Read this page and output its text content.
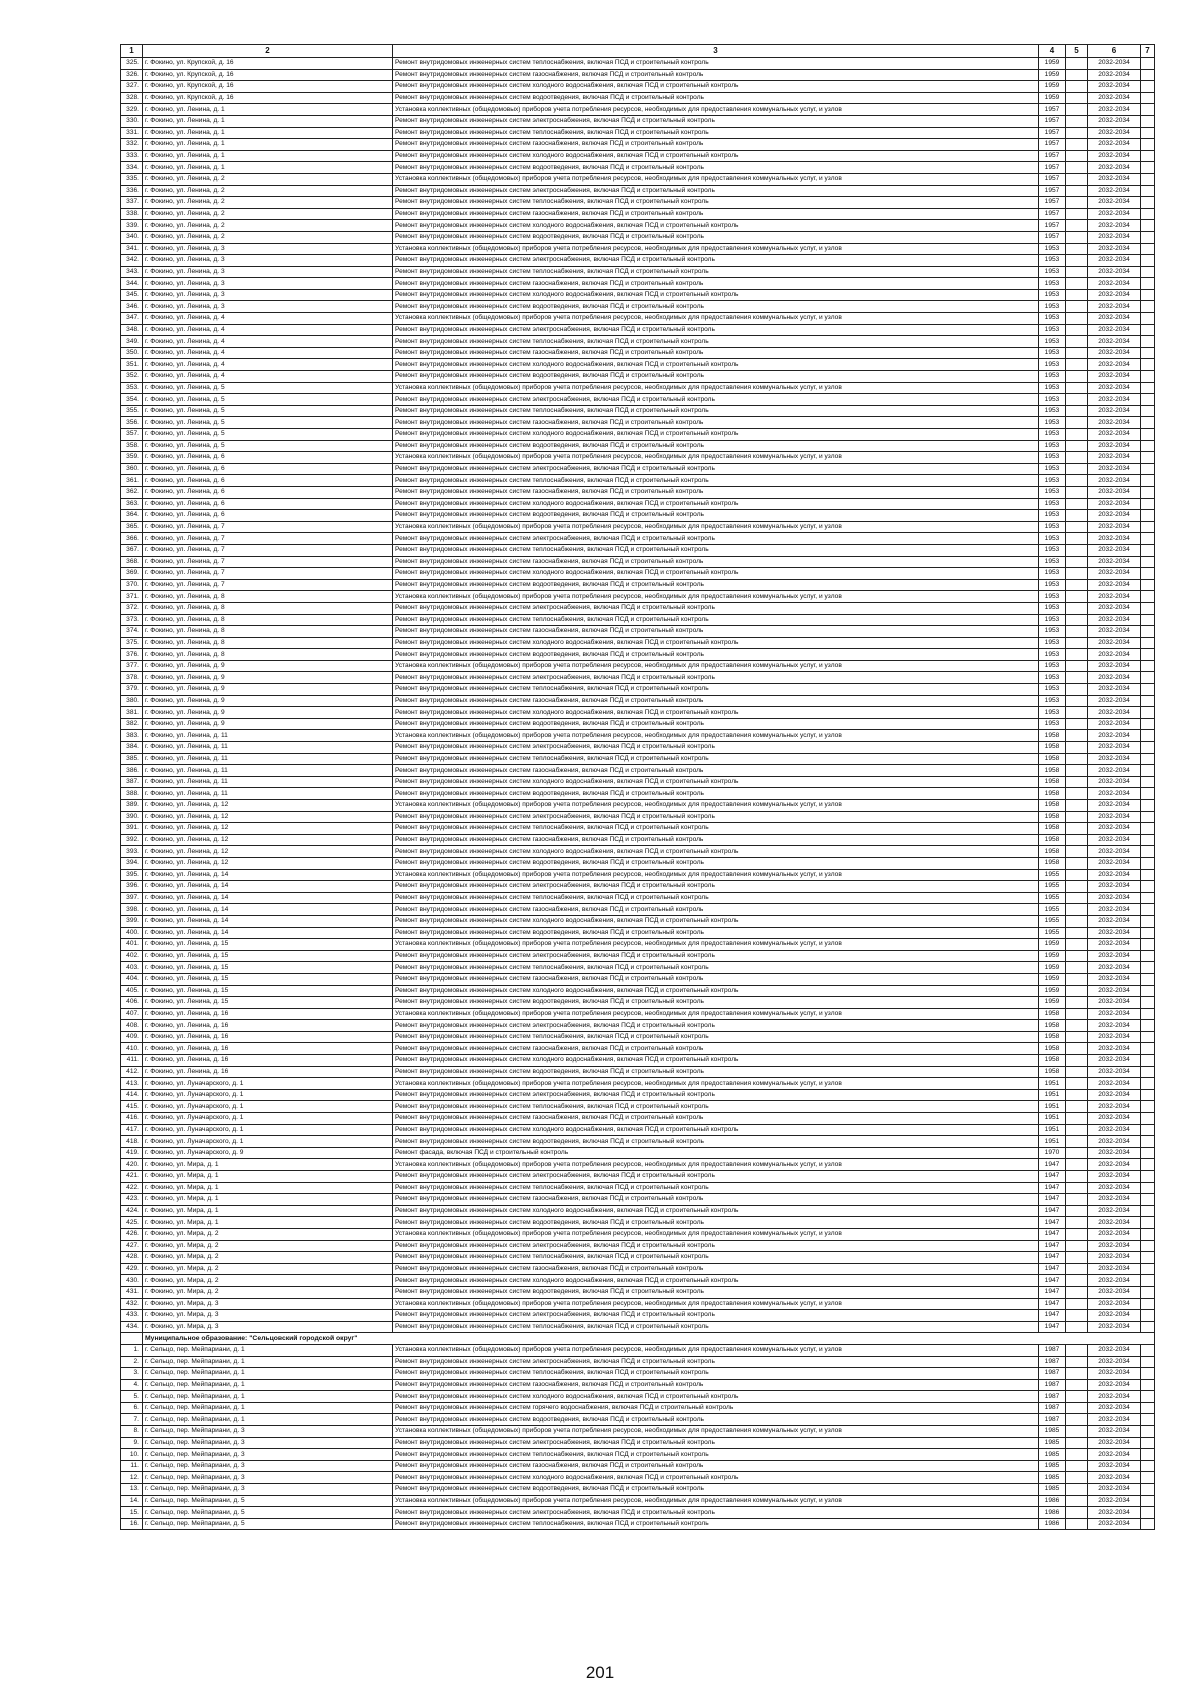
1	2	3	4	5	6	7
325.	г. Фокино, ул. Крупской, д. 16	Ремонт внутридомовых инженерных систем теплоснабжения, включая ПСД и строительный контроль	1959		2032-2034	
326.	г. Фокино, ул. Крупской, д. 16	Ремонт внутридомовых инженерных систем газоснабжения, включая ПСД и строительный контроль	1959		2032-2034	
327.	г. Фокино, ул. Крупской, д. 16	Ремонт внутридомовых инженерных систем холодного водоснабжения, включая ПСД и строительный контроль	1959		2032-2034	
328.	г. Фокино, ул. Крупской, д. 16	Ремонт внутридомовых инженерных систем водоотведения, включая ПСД и строительный контроль	1959		2032-2034	
329.	г. Фокино, ул. Ленина, д. 1	Установка коллективных (общедомовых) приборов учета потребления ресурсов, необходимых для предоставления коммунальных услуг, и узлов	1957		2032-2034	
330.	г. Фокино, ул. Ленина, д. 1	Ремонт внутридомовых инженерных систем электроснабжения, включая ПСД и строительный контроль	1957		2032-2034	
331.	г. Фокино, ул. Ленина, д. 1	Ремонт внутридомовых инженерных систем теплоснабжения, включая ПСД и строительный контроль	1957		2032-2034	
332.	г. Фокино, ул. Ленина, д. 1	Ремонт внутридомовых инженерных систем газоснабжения, включая ПСД и строительный контроль	1957		2032-2034	
333.	г. Фокино, ул. Ленина, д. 1	Ремонт внутридомовых инженерных систем холодного водоснабжения, включая ПСД и строительный контроль	1957		2032-2034	
334.	г. Фокино, ул. Ленина, д. 1	Ремонт внутридомовых инженерных систем водоотведения, включая ПСД и строительный контроль	1957		2032-2034	
335.	г. Фокино, ул. Ленина, д. 2	Установка коллективных (общедомовых) приборов учета потребления ресурсов, необходимых для предоставления коммунальных услуг, и узлов	1957		2032-2034	
336.	г. Фокино, ул. Ленина, д. 2	Ремонт внутридомовых инженерных систем электроснабжения, включая ПСД и строительный контроль	1957		2032-2034	
337.	г. Фокино, ул. Ленина, д. 2	Ремонт внутридомовых инженерных систем теплоснабжения, включая ПСД и строительный контроль	1957		2032-2034	
338.	г. Фокино, ул. Ленина, д. 2	Ремонт внутридомовых инженерных систем газоснабжения, включая ПСД и строительный контроль	1957		2032-2034	
339.	г. Фокино, ул. Ленина, д. 2	Ремонт внутридомовых инженерных систем холодного водоснабжения, включая ПСД и строительный контроль	1957		2032-2034	
340.	г. Фокино, ул. Ленина, д. 2	Ремонт внутридомовых инженерных систем водоотведения, включая ПСД и строительный контроль	1957		2032-2034	
341.	г. Фокино, ул. Ленина, д. 3	Установка коллективных (общедомовых) приборов учета потребления ресурсов, необходимых для предоставления коммунальных услуг, и узлов	1953		2032-2034	
342.	г. Фокино, ул. Ленина, д. 3	Ремонт внутридомовых инженерных систем электроснабжения, включая ПСД и строительный контроль	1953		2032-2034	
343.	г. Фокино, ул. Ленина, д. 3	Ремонт внутридомовых инженерных систем теплоснабжения, включая ПСД и строительный контроль	1953		2032-2034	
344.	г. Фокино, ул. Ленина, д. 3	Ремонт внутридомовых инженерных систем газоснабжения, включая ПСД и строительный контроль	1953		2032-2034	
345.	г. Фокино, ул. Ленина, д. 3	Ремонт внутридомовых инженерных систем холодного водоснабжения, включая ПСД и строительный контроль	1953		2032-2034	
346.	г. Фокино, ул. Ленина, д. 3	Ремонт внутридомовых инженерных систем водоотведения, включая ПСД и строительный контроль	1953		2032-2034	
347.	г. Фокино, ул. Ленина, д. 4	Установка коллективных (общедомовых) приборов учета потребления ресурсов, необходимых для предоставления коммунальных услуг, и узлов	1953		2032-2034	
348.	г. Фокино, ул. Ленина, д. 4	Ремонт внутридомовых инженерных систем электроснабжения, включая ПСД и строительный контроль	1953		2032-2034	
349.	г. Фокино, ул. Ленина, д. 4	Ремонт внутридомовых инженерных систем теплоснабжения, включая ПСД и строительный контроль	1953		2032-2034	
350.	г. Фокино, ул. Ленина, д. 4	Ремонт внутридомовых инженерных систем газоснабжения, включая ПСД и строительный контроль	1953		2032-2034	
351.	г. Фокино, ул. Ленина, д. 4	Ремонт внутридомовых инженерных систем холодного водоснабжения, включая ПСД и строительный контроль	1953		2032-2034	
352.	г. Фокино, ул. Ленина, д. 4	Ремонт внутридомовых инженерных систем водоотведения, включая ПСД и строительный контроль	1953		2032-2034	
353.	г. Фокино, ул. Ленина, д. 5	Установка коллективных (общедомовых) приборов учета потребления ресурсов, необходимых для предоставления коммунальных услуг, и узлов	1953		2032-2034	
354.	г. Фокино, ул. Ленина, д. 5	Ремонт внутридомовых инженерных систем электроснабжения, включая ПСД и строительный контроль	1953		2032-2034	
355.	г. Фокино, ул. Ленина, д. 5	Ремонт внутридомовых инженерных систем теплоснабжения, включая ПСД и строительный контроль	1953		2032-2034	
356.	г. Фокино, ул. Ленина, д. 5	Ремонт внутридомовых инженерных систем газоснабжения, включая ПСД и строительный контроль	1953		2032-2034	
357.	г. Фокино, ул. Ленина, д. 5	Ремонт внутридомовых инженерных систем холодного водоснабжения, включая ПСД и строительный контроль	1953		2032-2034	
358.	г. Фокино, ул. Ленина, д. 5	Ремонт внутридомовых инженерных систем водоотведения, включая ПСД и строительный контроль	1953		2032-2034	
359.	г. Фокино, ул. Ленина, д. 6	Установка коллективных (общедомовых) приборов учета потребления ресурсов, необходимых для предоставления коммунальных услуг, и узлов	1953		2032-2034	
360.	г. Фокино, ул. Ленина, д. 6	Ремонт внутридомовых инженерных систем электроснабжения, включая ПСД и строительный контроль	1953		2032-2034	
361.	г. Фокино, ул. Ленина, д. 6	Ремонт внутридомовых инженерных систем теплоснабжения, включая ПСД и строительный контроль	1953		2032-2034	
362.	г. Фокино, ул. Ленина, д. 6	Ремонт внутридомовых инженерных систем газоснабжения, включая ПСД и строительный контроль	1953		2032-2034	
363.	г. Фокино, ул. Ленина, д. 6	Ремонт внутридомовых инженерных систем холодного водоснабжения, включая ПСД и строительный контроль	1953		2032-2034	
364.	г. Фокино, ул. Ленина, д. 6	Ремонт внутридомовых инженерных систем водоотведения, включая ПСД и строительный контроль	1953		2032-2034	
365.	г. Фокино, ул. Ленина, д. 7	Установка коллективных (общедомовых) приборов учета потребления ресурсов, необходимых для предоставления коммунальных услуг, и узлов	1953		2032-2034	
366.	г. Фокино, ул. Ленина, д. 7	Ремонт внутридомовых инженерных систем электроснабжения, включая ПСД и строительный контроль	1953		2032-2034	
367.	г. Фокино, ул. Ленина, д. 7	Ремонт внутридомовых инженерных систем теплоснабжения, включая ПСД и строительный контроль	1953		2032-2034	
368.	г. Фокино, ул. Ленина, д. 7	Ремонт внутридомовых инженерных систем газоснабжения, включая ПСД и строительный контроль	1953		2032-2034	
369.	г. Фокино, ул. Ленина, д. 7	Ремонт внутридомовых инженерных систем холодного водоснабжения, включая ПСД и строительный контроль	1953		2032-2034	
370.	г. Фокино, ул. Ленина, д. 7	Ремонт внутридомовых инженерных систем водоотведения, включая ПСД и строительный контроль	1953		2032-2034	
371.	г. Фокино, ул. Ленина, д. 8	Установка коллективных (общедомовых) приборов учета потребления ресурсов, необходимых для предоставления коммунальных услуг, и узлов	1953		2032-2034	
372.	г. Фокино, ул. Ленина, д. 8	Ремонт внутридомовых инженерных систем электроснабжения, включая ПСД и строительный контроль	1953		2032-2034	
373.	г. Фокино, ул. Ленина, д. 8	Ремонт внутридомовых инженерных систем теплоснабжения, включая ПСД и строительный контроль	1953		2032-2034	
374.	г. Фокино, ул. Ленина, д. 8	Ремонт внутридомовых инженерных систем газоснабжения, включая ПСД и строительный контроль	1953		2032-2034	
375.	г. Фокино, ул. Ленина, д. 8	Ремонт внутридомовых инженерных систем холодного водоснабжения, включая ПСД и строительный контроль	1953		2032-2034	
376.	г. Фокино, ул. Ленина, д. 8	Ремонт внутридомовых инженерных систем водоотведения, включая ПСД и строительный контроль	1953		2032-2034	
377.	г. Фокино, ул. Ленина, д. 9	Установка коллективных (общедомовых) приборов учета потребления ресурсов, необходимых для предоставления коммунальных услуг, и узлов	1953		2032-2034	
378.	г. Фокино, ул. Ленина, д. 9	Ремонт внутридомовых инженерных систем электроснабжения, включая ПСД и строительный контроль	1953		2032-2034	
379.	г. Фокино, ул. Ленина, д. 9	Ремонт внутридомовых инженерных систем теплоснабжения, включая ПСД и строительный контроль	1953		2032-2034	
380.	г. Фокино, ул. Ленина, д. 9	Ремонт внутридомовых инженерных систем газоснабжения, включая ПСД и строительный контроль	1953		2032-2034	
381.	г. Фокино, ул. Ленина, д. 9	Ремонт внутридомовых инженерных систем холодного водоснабжения, включая ПСД и строительный контроль	1953		2032-2034	
382.	г. Фокино, ул. Ленина, д. 9	Ремонт внутридомовых инженерных систем водоотведения, включая ПСД и строительный контроль	1953		2032-2034	
383.	г. Фокино, ул. Ленина, д. 11	Установка коллективных (общедомовых) приборов учета потребления ресурсов, необходимых для предоставления коммунальных услуг, и узлов	1958		2032-2034	
384.	г. Фокино, ул. Ленина, д. 11	Ремонт внутридомовых инженерных систем электроснабжения, включая ПСД и строительный контроль	1958		2032-2034	
385.	г. Фокино, ул. Ленина, д. 11	Ремонт внутридомовых инженерных систем теплоснабжения, включая ПСД и строительный контроль	1958		2032-2034	
386.	г. Фокино, ул. Ленина, д. 11	Ремонт внутридомовых инженерных систем газоснабжения, включая ПСД и строительный контроль	1958		2032-2034	
387.	г. Фокино, ул. Ленина, д. 11	Ремонт внутридомовых инженерных систем холодного водоснабжения, включая ПСД и строительный контроль	1958		2032-2034	
388.	г. Фокино, ул. Ленина, д. 11	Ремонт внутридомовых инженерных систем водоотведения, включая ПСД и строительный контроль	1958		2032-2034	
389.	г. Фокино, ул. Ленина, д. 12	Установка коллективных (общедомовых) приборов учета потребления ресурсов, необходимых для предоставления коммунальных услуг, и узлов	1958		2032-2034	
390.	г. Фокино, ул. Ленина, д. 12	Ремонт внутридомовых инженерных систем электроснабжения, включая ПСД и строительный контроль	1958		2032-2034	
391.	г. Фокино, ул. Ленина, д. 12	Ремонт внутридомовых инженерных систем теплоснабжения, включая ПСД и строительный контроль	1958		2032-2034	
392.	г. Фокино, ул. Ленина, д. 12	Ремонт внутридомовых инженерных систем газоснабжения, включая ПСД и строительный контроль	1958		2032-2034	
393.	г. Фокино, ул. Ленина, д. 12	Ремонт внутридомовых инженерных систем холодного водоснабжения, включая ПСД и строительный контроль	1958		2032-2034	
394.	г. Фокино, ул. Ленина, д. 12	Ремонт внутридомовых инженерных систем водоотведения, включая ПСД и строительный контроль	1958		2032-2034	
395.	г. Фокино, ул. Ленина, д. 14	Установка коллективных (общедомовых) приборов учета потребления ресурсов, необходимых для предоставления коммунальных услуг, и узлов	1955		2032-2034	
396.	г. Фокино, ул. Ленина, д. 14	Ремонт внутридомовых инженерных систем электроснабжения, включая ПСД и строительный контроль	1955		2032-2034	
397.	г. Фокино, ул. Ленина, д. 14	Ремонт внутридомовых инженерных систем теплоснабжения, включая ПСД и строительный контроль	1955		2032-2034	
398.	г. Фокино, ул. Ленина, д. 14	Ремонт внутридомовых инженерных систем газоснабжения, включая ПСД и строительный контроль	1955		2032-2034	
399.	г. Фокино, ул. Ленина, д. 14	Ремонт внутридомовых инженерных систем холодного водоснабжения, включая ПСД и строительный контроль	1955		2032-2034	
400.	г. Фокино, ул. Ленина, д. 14	Ремонт внутридомовых инженерных систем водоотведения, включая ПСД и строительный контроль	1955		2032-2034	
401.	г. Фокино, ул. Ленина, д. 15	Установка коллективных (общедомовых) приборов учета потребления ресурсов, необходимых для предоставления коммунальных услуг, и узлов	1959		2032-2034	
402.	г. Фокино, ул. Ленина, д. 15	Ремонт внутридомовых инженерных систем электроснабжения, включая ПСД и строительный контроль	1959		2032-2034	
403.	г. Фокино, ул. Ленина, д. 15	Ремонт внутридомовых инженерных систем теплоснабжения, включая ПСД и строительный контроль	1959		2032-2034	
404.	г. Фокино, ул. Ленина, д. 15	Ремонт внутридомовых инженерных систем газоснабжения, включая ПСД и строительный контроль	1959		2032-2034	
405.	г. Фокино, ул. Ленина, д. 15	Ремонт внутридомовых инженерных систем холодного водоснабжения, включая ПСД и строительный контроль	1959		2032-2034	
406.	г. Фокино, ул. Ленина, д. 15	Ремонт внутридомовых инженерных систем водоотведения, включая ПСД и строительный контроль	1959		2032-2034	
407.	г. Фокино, ул. Ленина, д. 16	Установка коллективных (общедомовых) приборов учета потребления ресурсов, необходимых для предоставления коммунальных услуг, и узлов	1958		2032-2034	
408.	г. Фокино, ул. Ленина, д. 16	Ремонт внутридомовых инженерных систем электроснабжения, включая ПСД и строительный контроль	1958		2032-2034	
409.	г. Фокино, ул. Ленина, д. 16	Ремонт внутридомовых инженерных систем теплоснабжения, включая ПСД и строительный контроль	1958		2032-2034	
410.	г. Фокино, ул. Ленина, д. 16	Ремонт внутридомовых инженерных систем газоснабжения, включая ПСД и строительный контроль	1958		2032-2034	
411.	г. Фокино, ул. Ленина, д. 16	Ремонт внутридомовых инженерных систем холодного водоснабжения, включая ПСД и строительный контроль	1958		2032-2034	
412.	г. Фокино, ул. Ленина, д. 16	Ремонт внутридомовых инженерных систем водоотведения, включая ПСД и строительный контроль	1958		2032-2034	
413.	г. Фокино, ул. Луначарского, д. 1	Установка коллективных (общедомовых) приборов учета потребления ресурсов, необходимых для предоставления коммунальных услуг, и узлов	1951		2032-2034	
414.	г. Фокино, ул. Луначарского, д. 1	Ремонт внутридомовых инженерных систем электроснабжения, включая ПСД и строительный контроль	1951		2032-2034	
415.	г. Фокино, ул. Луначарского, д. 1	Ремонт внутридомовых инженерных систем теплоснабжения, включая ПСД и строительный контроль	1951		2032-2034	
416.	г. Фокино, ул. Луначарского, д. 1	Ремонт внутридомовых инженерных систем газоснабжения, включая ПСД и строительный контроль	1951		2032-2034	
417.	г. Фокино, ул. Луначарского, д. 1	Ремонт внутридомовых инженерных систем холодного водоснабжения, включая ПСД и строительный контроль	1951		2032-2034	
418.	г. Фокино, ул. Луначарского, д. 1	Ремонт внутридомовых инженерных систем водоотведения, включая ПСД и строительный контроль	1951		2032-2034	
419.	г. Фокино, ул. Луначарского, д. 9	Ремонт фасада, включая ПСД и строительный контроль	1970		2032-2034	
420.	г. Фокино, ул. Мира, д. 1	Установка коллективных (общедомовых) приборов учета потребления ресурсов, необходимых для предоставления коммунальных услуг, и узлов	1947		2032-2034	
421.	г. Фокино, ул. Мира, д. 1	Ремонт внутридомовых инженерных систем электроснабжения, включая ПСД и строительный контроль	1947		2032-2034	
422.	г. Фокино, ул. Мира, д. 1	Ремонт внутридомовых инженерных систем теплоснабжения, включая ПСД и строительный контроль	1947		2032-2034	
423.	г. Фокино, ул. Мира, д. 1	Ремонт внутридомовых инженерных систем газоснабжения, включая ПСД и строительный контроль	1947		2032-2034	
424.	г. Фокино, ул. Мира, д. 1	Ремонт внутридомовых инженерных систем холодного водоснабжения, включая ПСД и строительный контроль	1947		2032-2034	
425.	г. Фокино, ул. Мира, д. 1	Ремонт внутридомовых инженерных систем водоотведения, включая ПСД и строительный контроль	1947		2032-2034	
426.	г. Фокино, ул. Мира, д. 2	Установка коллективных (общедомовых) приборов учета потребления ресурсов, необходимых для предоставления коммунальных услуг, и узлов	1947		2032-2034	
427.	г. Фокино, ул. Мира, д. 2	Ремонт внутридомовых инженерных систем электроснабжения, включая ПСД и строительный контроль	1947		2032-2034	
428.	г. Фокино, ул. Мира, д. 2	Ремонт внутридомовых инженерных систем теплоснабжения, включая ПСД и строительный контроль	1947		2032-2034	
429.	г. Фокино, ул. Мира, д. 2	Ремонт внутридомовых инженерных систем газоснабжения, включая ПСД и строительный контроль	1947		2032-2034	
430.	г. Фокино, ул. Мира, д. 2	Ремонт внутридомовых инженерных систем холодного водоснабжения, включая ПСД и строительный контроль	1947		2032-2034	
431.	г. Фокино, ул. Мира, д. 2	Ремонт внутридомовых инженерных систем водоотведения, включая ПСД и строительный контроль	1947		2032-2034	
432.	г. Фокино, ул. Мира, д. 3	Установка коллективных (общедомовых) приборов учета потребления ресурсов, необходимых для предоставления коммунальных услуг, и узлов	1947		2032-2034	
433.	г. Фокино, ул. Мира, д. 3	Ремонт внутридомовых инженерных систем электроснабжения, включая ПСД и строительный контроль	1947		2032-2034	
434.	г. Фокино, ул. Мира, д. 3	Ремонт внутридомовых инженерных систем теплоснабжения, включая ПСД и строительный контроль	1947		2032-2034	
	Муниципальное образование: "Сельцовский городской округ"					
1.	г. Сельцо, пер. Мейпариани, д. 1	Установка коллективных (общедомовых) приборов учета потребления ресурсов, необходимых для предоставления коммунальных услуг, и узлов	1987		2032-2034	
2.	г. Сельцо, пер. Мейпариани, д. 1	Ремонт внутридомовых инженерных систем электроснабжения, включая ПСД и строительный контроль	1987		2032-2034	
3.	г. Сельцо, пер. Мейпариани, д. 1	Ремонт внутридомовых инженерных систем теплоснабжения, включая ПСД и строительный контроль	1987		2032-2034	
4.	г. Сельцо, пер. Мейпариани, д. 1	Ремонт внутридомовых инженерных систем газоснабжения, включая ПСД и строительный контроль	1987		2032-2034	
5.	г. Сельцо, пер. Мейпариани, д. 1	Ремонт внутридомовых инженерных систем холодного водоснабжения, включая ПСД и строительный контроль	1987		2032-2034	
6.	г. Сельцо, пер. Мейпариани, д. 1	Ремонт внутридомовых инженерных систем горячего водоснабжения, включая ПСД и строительный контроль	1987		2032-2034	
7.	г. Сельцо, пер. Мейпариани, д. 1	Ремонт внутридомовых инженерных систем водоотведения, включая ПСД и строительный контроль	1987		2032-2034	
8.	г. Сельцо, пер. Мейпариани, д. 3	Установка коллективных (общедомовых) приборов учета потребления ресурсов, необходимых для предоставления коммунальных услуг, и узлов	1985		2032-2034	
9.	г. Сельцо, пер. Мейпариани, д. 3	Ремонт внутридомовых инженерных систем электроснабжения, включая ПСД и строительный контроль	1985		2032-2034	
10.	г. Сельцо, пер. Мейпариани, д. 3	Ремонт внутридомовых инженерных систем теплоснабжения, включая ПСД и строительный контроль	1985		2032-2034	
11.	г. Сельцо, пер. Мейпариани, д. 3	Ремонт внутридомовых инженерных систем газоснабжения, включая ПСД и строительный контроль	1985		2032-2034	
12.	г. Сельцо, пер. Мейпариани, д. 3	Ремонт внутридомовых инженерных систем холодного водоснабжения, включая ПСД и строительный контроль	1985		2032-2034	
13.	г. Сельцо, пер. Мейпариани, д. 3	Ремонт внутридомовых инженерных систем водоотведения, включая ПСД и строительный контроль	1985		2032-2034	
14.	г. Сельцо, пер. Мейпариани, д. 5	Установка коллективных (общедомовых) приборов учета потребления ресурсов, необходимых для предоставления коммунальных услуг, и узлов	1986		2032-2034	
15.	г. Сельцо, пер. Мейпариани, д. 5	Ремонт внутридомовых инженерных систем электроснабжения, включая ПСД и строительный контроль	1986		2032-2034	
16.	г. Сельцо, пер. Мейпариани, д. 5	Ремонт внутридомовых инженерных систем теплоснабжения, включая ПСД и строительный контроль	1986		2032-2034	
201
